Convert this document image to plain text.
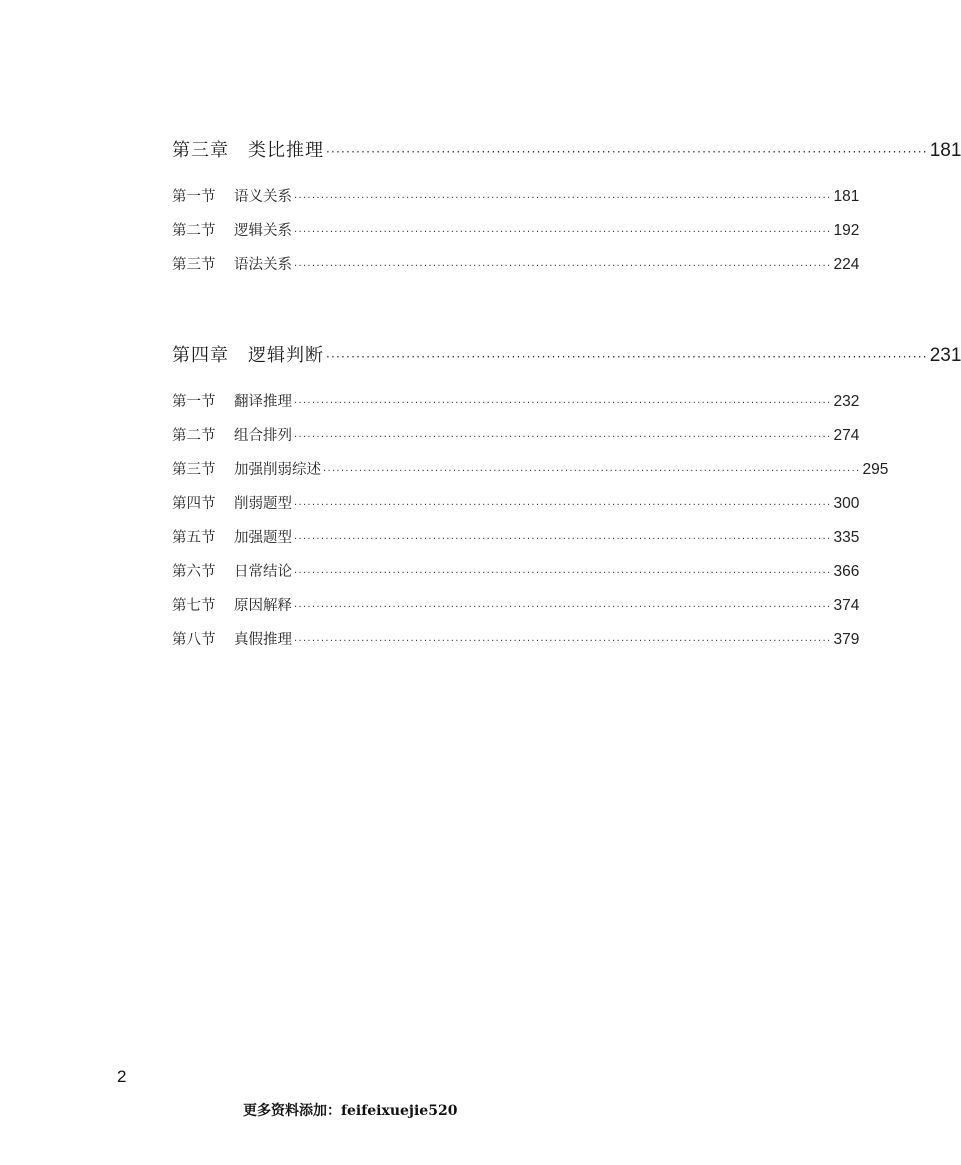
第三章	类比推理 ························································································································ 181
第一节	语义关系 ························································································································ 181
第二节	逻辑关系 ························································································································ 192
第三节	语法关系 ························································································································ 224
第四章	逻辑判断 ························································································································ 231
第一节	翻译推理 ························································································································ 232
第二节	组合排列 ························································································································ 274
第三节	加强削弱综述 ························································································································ 295
第四节	削弱题型 ························································································································ 300
第五节	加强题型 ························································································································ 335
第六节	日常结论 ························································································································ 366
第七节	原因解释 ························································································································ 374
第八节	真假推理 ························································································································ 379
2
更多资料添加：feifeixuejie520
